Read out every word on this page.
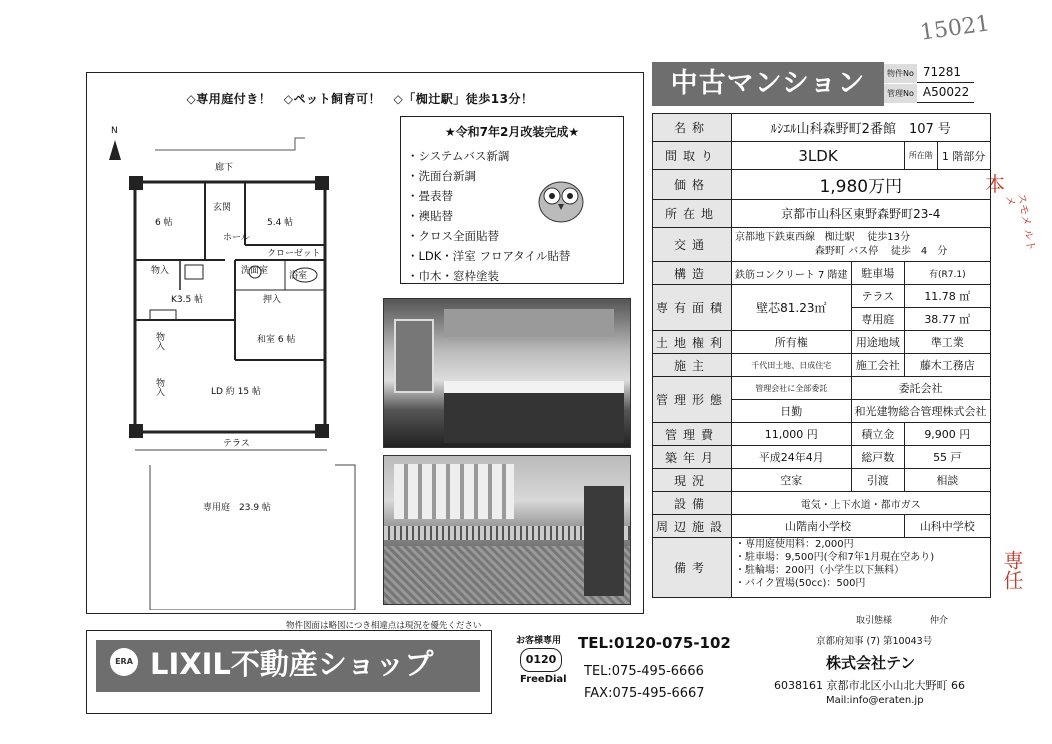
15021
本
スモメ ルトメ
専任
◇専用庭付き！　◇ペット飼育可！　◇「椥辻駅」徒歩13分！
廊下
N
6 帖
玄関
5.4 帖
ホール
クローゼット
物入	洗面室 浴室
K3.5 帖	押入
和室 6 帖
物入
物入	LD 約 15 帖
テラス
専用庭　23.9 帖
★令和7年2月改装完成★
・ システムバス新調
・ 洗面台新調
・ 畳表替
・ 襖貼替
・ クロス全面貼替
・ LDK・洋室 フロアタイル貼替
・ 巾木・窓枠塗装
物件図面は略図につき相違点は現況を優先ください
中古マンション	物件No 71281
管理No A50022
名称	ﾙｼｴﾙ山科森野町2番館　107 号			
間取り	3LDK		所在階	1 階部分
価格	1,980万円			
所在地	京都市山科区東野森野町23-4			
交通	京都地下鉄東西線 椥辻駅 徒歩13分
森野町 バス停 徒歩　4　分			
構造	鉄筋コンクリート 7 階建	駐車場	有(R7.1)	
専有面積	壁芯81.23㎡	テラス	11.78 ㎡	
		専用庭	38.77 ㎡	
土地権利	所有権	用途地域	準工業	
施主	千代田土地、日成住宅	施工会社	藤木工務店	
管理形態	管理会社に全部委託	委託会社		
	日勤	和光建物総合管理株式会社		
管理費	11,000 円	積立金	9,900 円	
築年月	平成24年4月	総戸数	55 戸	
現況	空家	引渡	相談	
設備	電気・上下水道・都市ガス			
周辺施設	山階南小学校		山科中学校	
備考	・専用庭使用料：2,000円
・駐車場：9,500円(令和7年1月現在空あり)
・駐輪場：200円（小学生以下無料）
・バイク置場(50cc)：500円			
取引態様	仲介
京都府知事 (7) 第10043号
株式会社テン
6038161 京都市北区小山北大野町 66
Mail:info@eraten.jp
ERA LIXIL不動産ショップ
お客様専用
0120
FreeDial
TEL:0120-075-102
TEL:075-495-6666
FAX:075-495-6667
